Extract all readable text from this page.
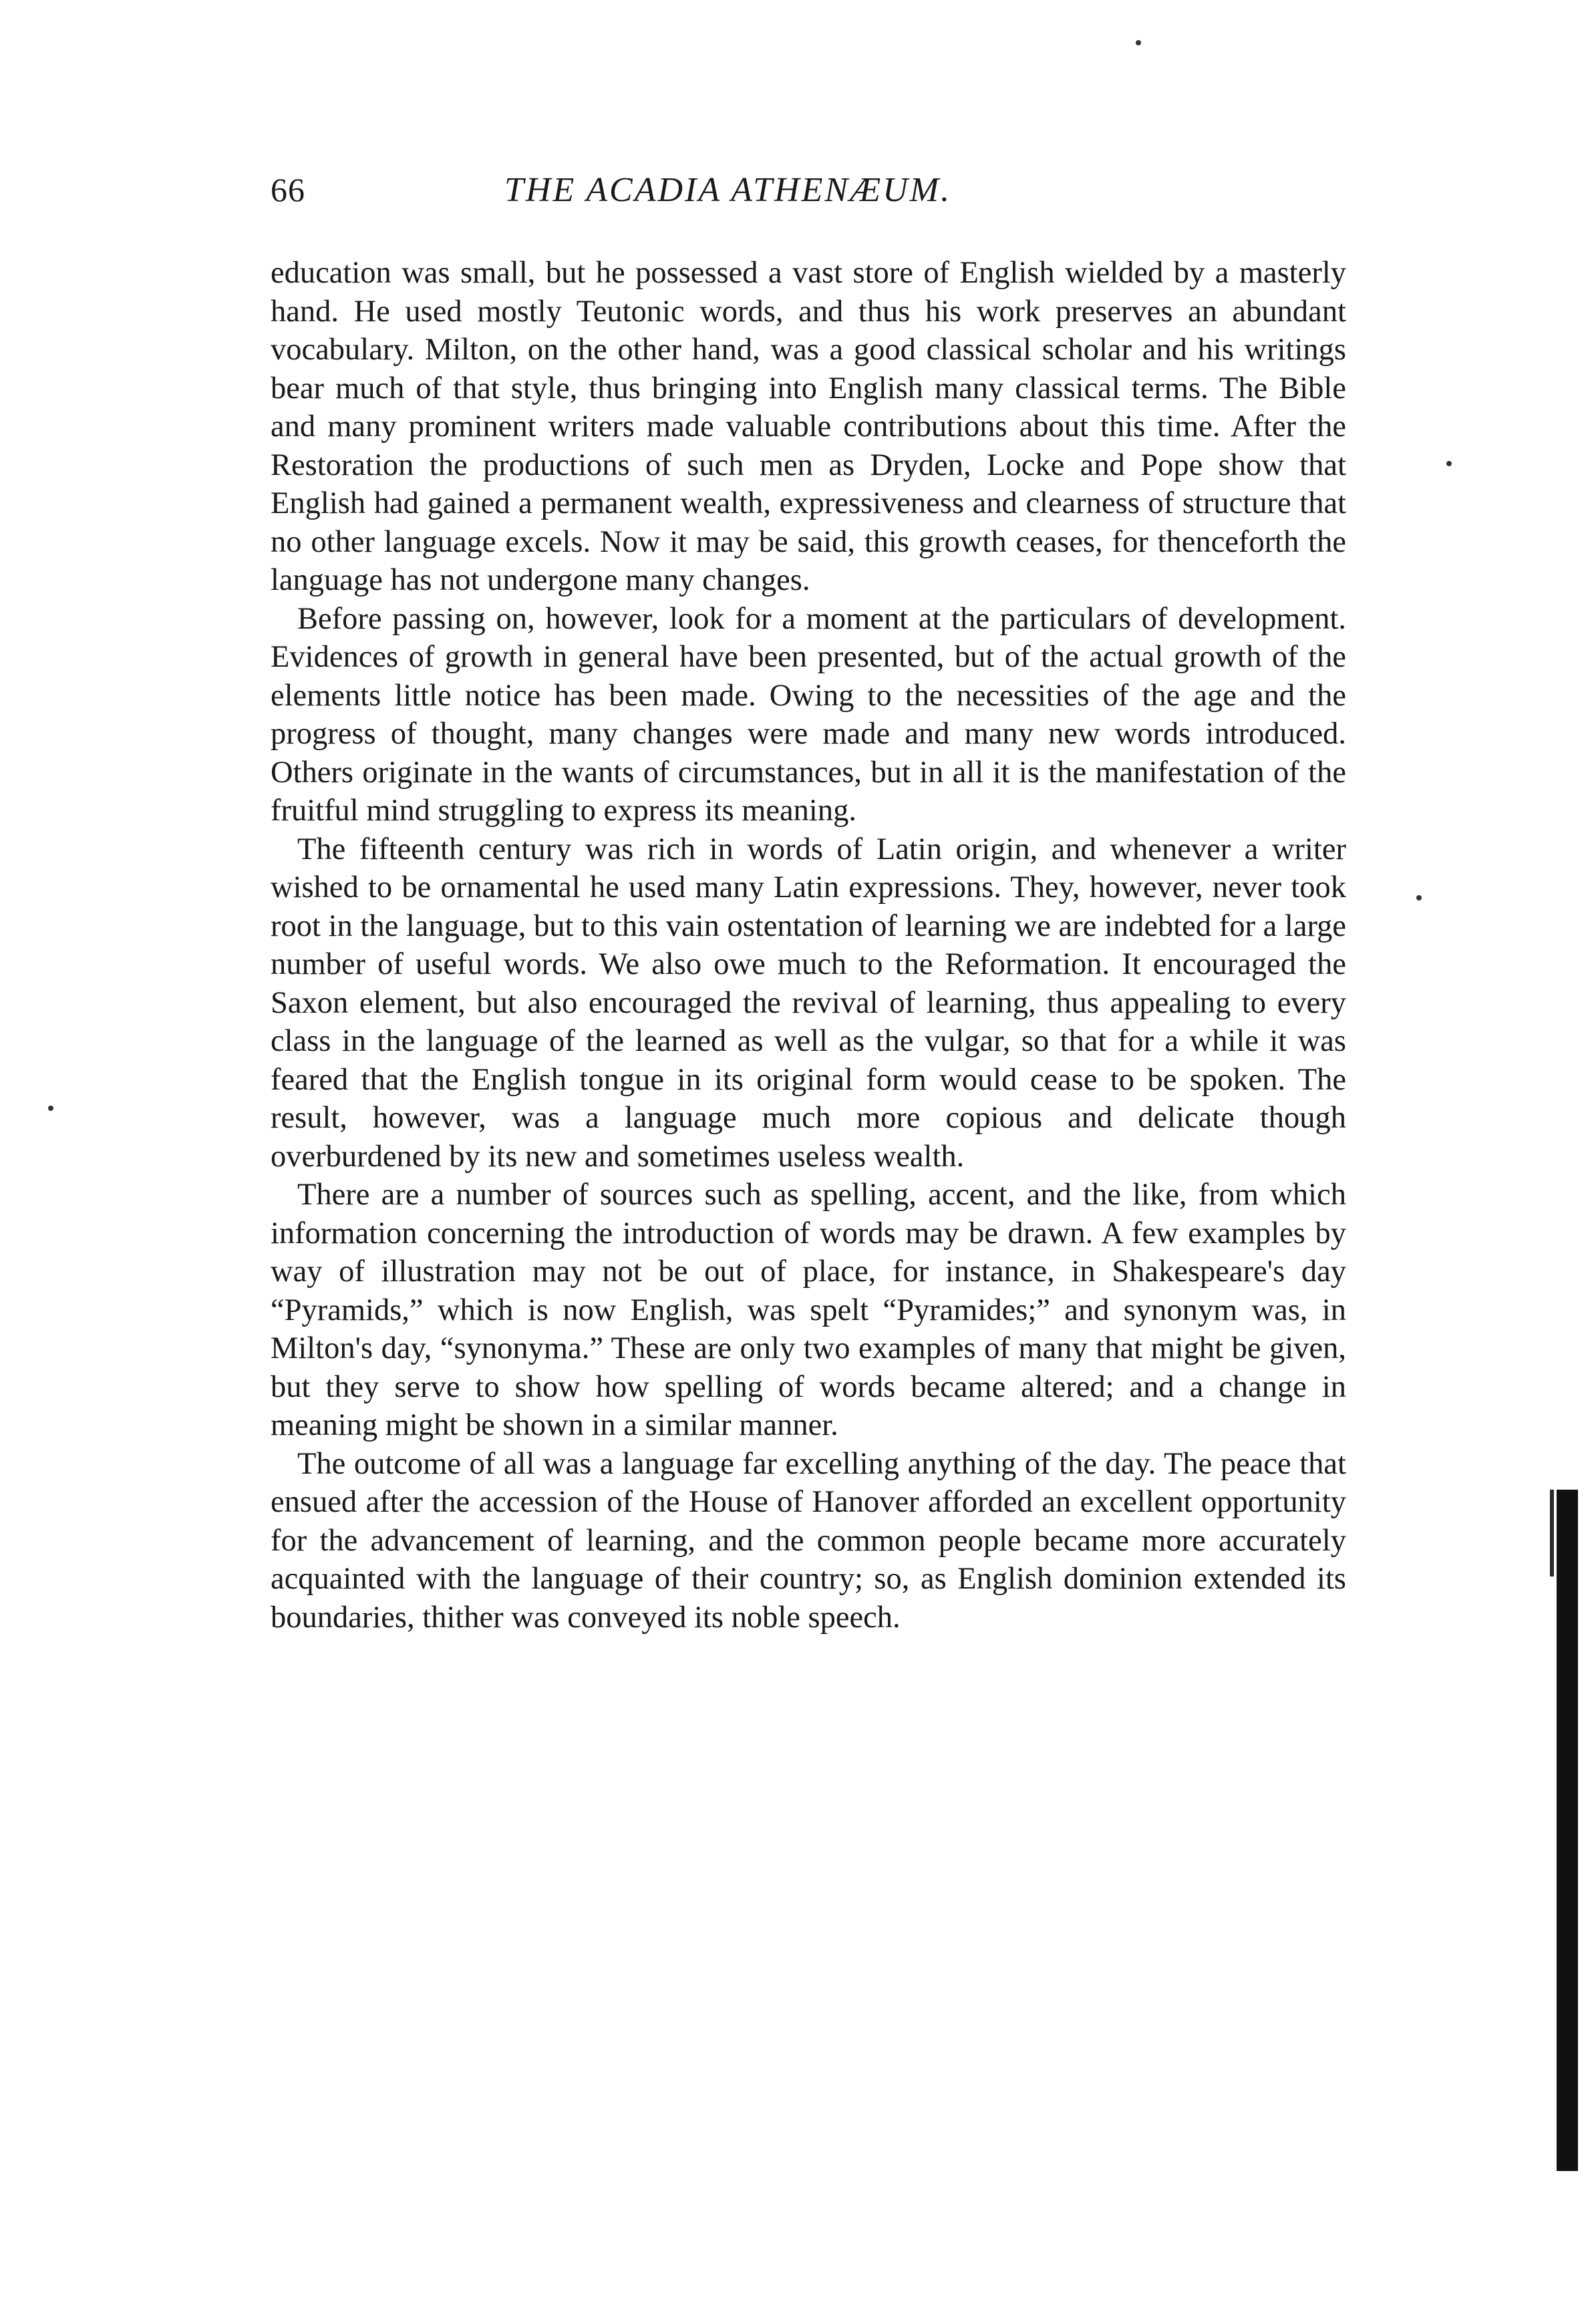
66	THE ACADIA ATHENÆUM.

education was small, but he possessed a vast store of English wielded by a masterly hand. He used mostly Teutonic words, and thus his work preserves an abundant vocabulary. Milton, on the other hand, was a good classical scholar and his writings bear much of that style, thus bringing into English many classical terms. The Bible and many prominent writers made valuable contributions about this time. After the Restoration the productions of such men as Dryden, Locke and Pope show that English had gained a permanent wealth, expressiveness and clearness of structure that no other language excels. Now it may be said, this growth ceases, for thenceforth the language has not undergone many changes.

Before passing on, however, look for a moment at the particulars of development. Evidences of growth in general have been presented, but of the actual growth of the elements little notice has been made. Owing to the necessities of the age and the progress of thought, many changes were made and many new words introduced. Others originate in the wants of circumstances, but in all it is the manifestation of the fruitful mind struggling to express its meaning.

The fifteenth century was rich in words of Latin origin, and whenever a writer wished to be ornamental he used many Latin expressions. They, however, never took root in the language, but to this vain ostentation of learning we are indebted for a large number of useful words. We also owe much to the Reformation. It encouraged the Saxon element, but also encouraged the revival of learning, thus appealing to every class in the language of the learned as well as the vulgar, so that for a while it was feared that the English tongue in its original form would cease to be spoken. The result, however, was a language much more copious and delicate though overburdened by its new and sometimes useless wealth.

There are a number of sources such as spelling, accent, and the like, from which information concerning the introduction of words may be drawn. A few examples by way of illustration may not be out of place, for instance, in Shakespeare's day “Pyramids,” which is now English, was spelt “Pyramides;” and synonym was, in Milton's day, “synonyma.” These are only two examples of many that might be given, but they serve to show how spelling of words became altered; and a change in meaning might be shown in a similar manner.

The outcome of all was a language far excelling anything of the day. The peace that ensued after the accession of the House of Hanover afforded an excellent opportunity for the advancement of learning, and the common people became more accurately acquainted with the language of their country; so, as English dominion extended its boundaries, thither was conveyed its noble speech.
